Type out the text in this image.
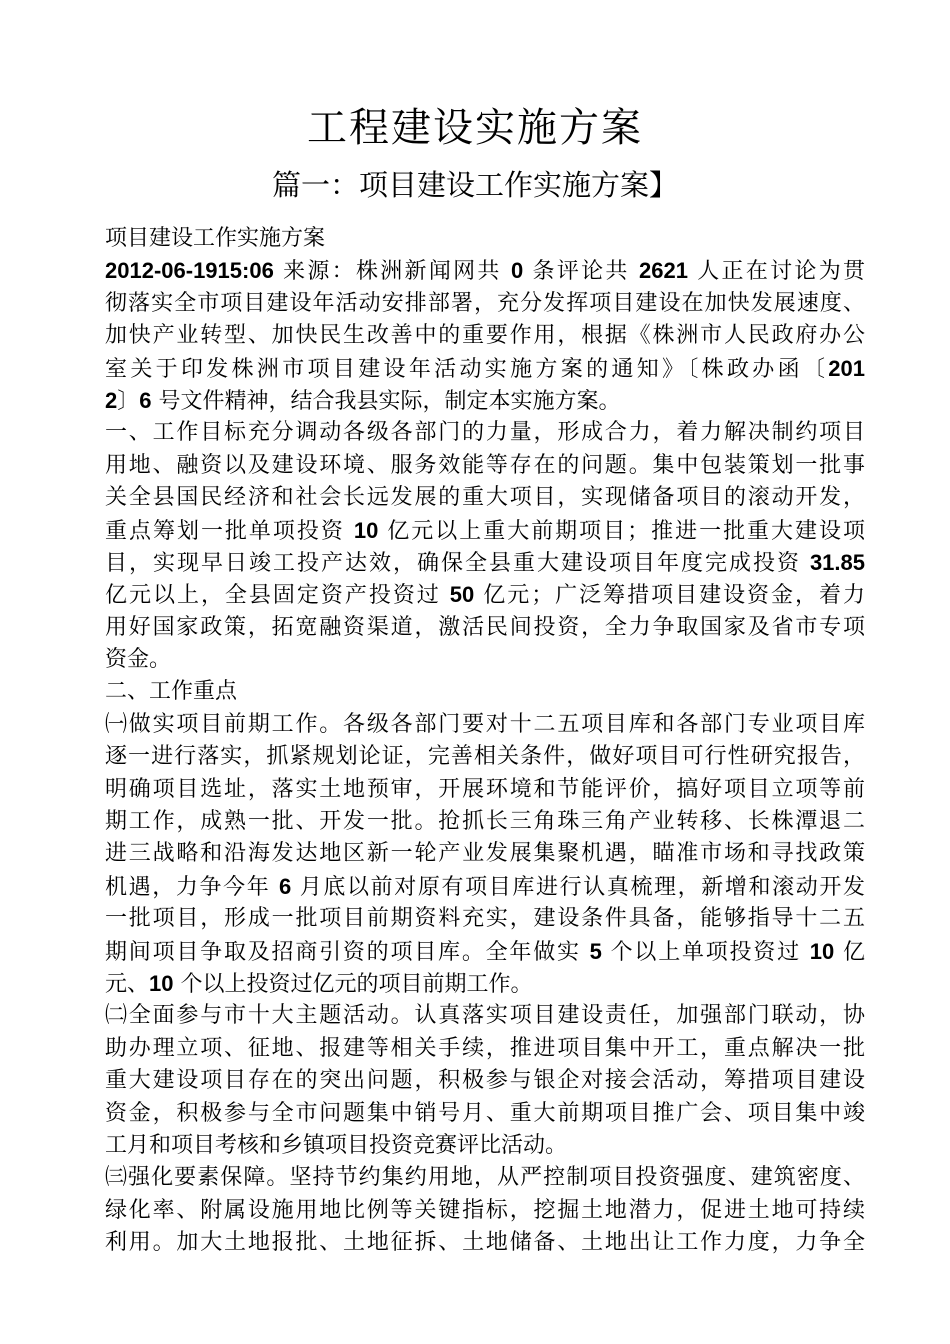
工程建设实施方案
篇一：项目建设工作实施方案】
项目建设工作实施方案
2012-06-1915:06 来源：株洲新闻网共 0 条评论共 2621 人正在讨论为贯
彻落实全市项目建设年活动安排部署，充分发挥项目建设在加快发展速度、
加快产业转型、加快民生改善中的重要作用，根据《株洲市人民政府办公
室关于印发株洲市项目建设年活动实施方案的通知》〔株政办函〔201
2〕6 号文件精神，结合我县实际，制定本实施方案。
一、工作目标充分调动各级各部门的力量，形成合力，着力解决制约项目
用地、融资以及建设环境、服务效能等存在的问题。集中包装策划一批事
关全县国民经济和社会长远发展的重大项目，实现储备项目的滚动开发，
重点筹划一批单项投资 10 亿元以上重大前期项目；推进一批重大建设项
目，实现早日竣工投产达效，确保全县重大建设项目年度完成投资 31.85
亿元以上，全县固定资产投资过 50 亿元；广泛筹措项目建设资金，着力
用好国家政策，拓宽融资渠道，激活民间投资，全力争取国家及省市专项
资金。
二、工作重点
㈠做实项目前期工作。各级各部门要对十二五项目库和各部门专业项目库
逐一进行落实，抓紧规划论证，完善相关条件，做好项目可行性研究报告，
明确项目选址，落实土地预审，开展环境和节能评价，搞好项目立项等前
期工作，成熟一批、开发一批。抢抓长三角珠三角产业转移、长株潭退二
进三战略和沿海发达地区新一轮产业发展集聚机遇，瞄准市场和寻找政策
机遇，力争今年 6 月底以前对原有项目库进行认真梳理，新增和滚动开发
一批项目，形成一批项目前期资料充实，建设条件具备，能够指导十二五
期间项目争取及招商引资的项目库。全年做实 5 个以上单项投资过 10 亿
元、10 个以上投资过亿元的项目前期工作。
㈡全面参与市十大主题活动。认真落实项目建设责任，加强部门联动，协
助办理立项、征地、报建等相关手续，推进项目集中开工，重点解决一批
重大建设项目存在的突出问题，积极参与银企对接会活动，筹措项目建设
资金，积极参与全市问题集中销号月、重大前期项目推广会、项目集中竣
工月和项目考核和乡镇项目投资竞赛评比活动。
㈢强化要素保障。坚持节约集约用地，从严控制项目投资强度、建筑密度、
绿化率、附属设施用地比例等关键指标，挖掘土地潜力，促进土地可持续
利用。加大土地报批、土地征拆、土地储备、土地出让工作力度，力争全
